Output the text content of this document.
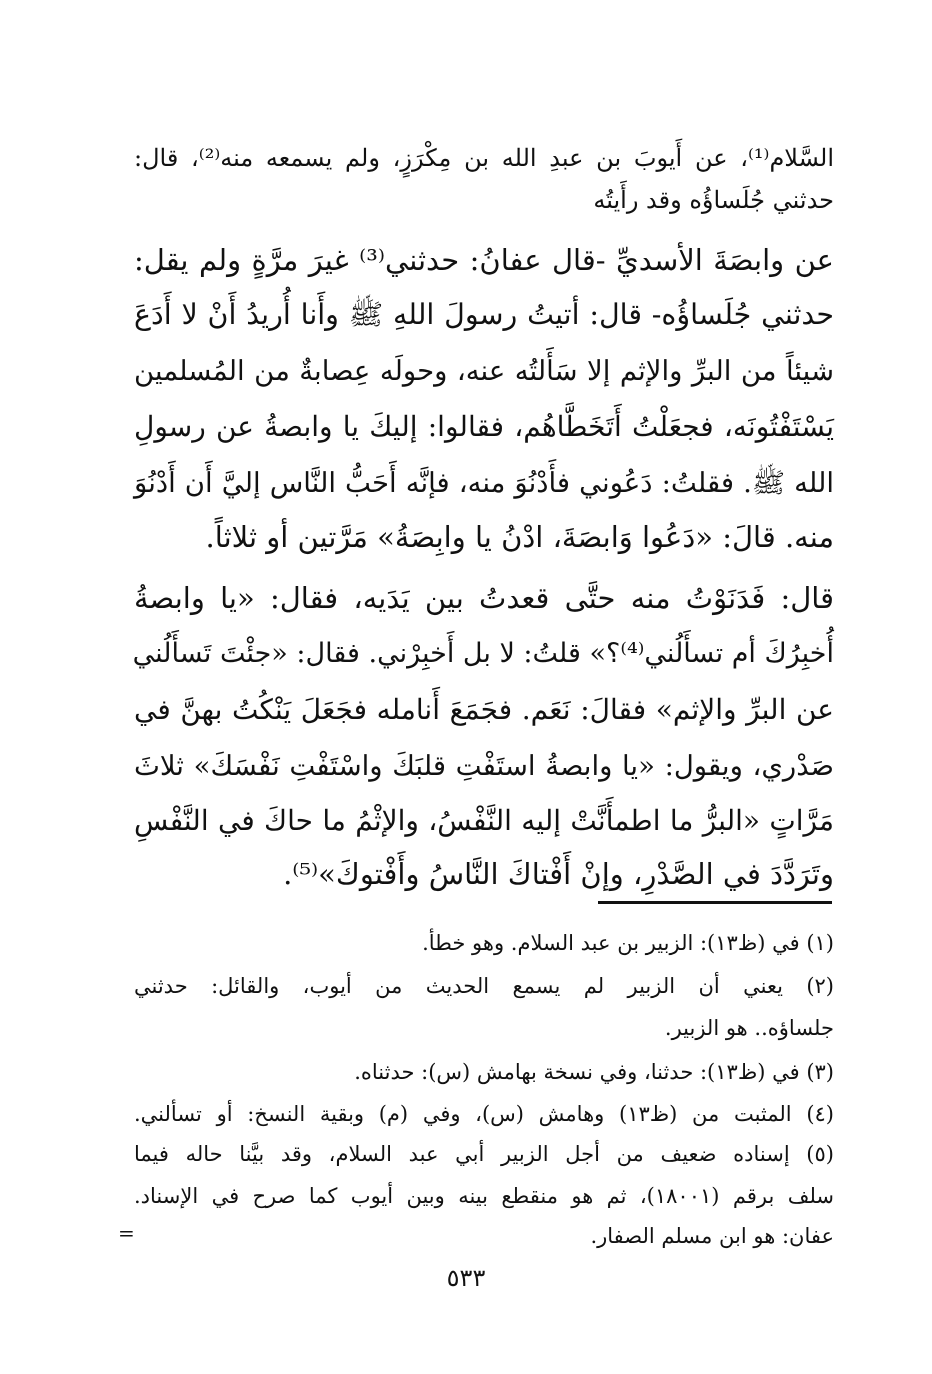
السَّلام⁽¹⁾، عن أَيوبَ بن عبدِ الله بن مِكْرَزٍ، ولم يسمعه منه⁽²⁾، قال:
حدثني جُلَساؤُه وقد رأَيتُه
عن وابصَةَ الأسديِّ -قال عفانُ: حدثني⁽³⁾ غيرَ مرَّةٍ ولم يقل:
حدثني جُلَساؤُه- قال: أتيتُ رسولَ اللهِ ﷺ وأَنا أُريدُ أَنْ لا أَدَعَ
شيئاً من البرِّ والإثم إلا سَأَلتُه عنه، وحولَه عِصابةٌ من المُسلمين
يَسْتَفْتُونَه، فجعَلْتُ أَتَخَطَّاهُم، فقالوا: إليكَ يا وابصةُ عن رسولِ
الله ﷺ. فقلتُ: دَعُوني فأَدْنُوَ منه، فإنَّه أَحَبُّ النَّاس إليَّ أَن أَدْنُوَ
منه. قالَ: «دَعُوا وَابصَةَ، ادْنُ يا وابِصَةُ» مَرَّتين أو ثلاثاً.
قال: فَدَنَوْتُ منه حتَّى قعدتُ بين يَدَيه، فقال: «يا وابصةُ
أُخبِرُكَ أم تسأَلُني⁽⁴⁾؟» قلتُ: لا بل أَخبِرْني. فقال: «جئْتَ تَسأَلُني
عن البرِّ والإثم» فقالَ: نَعَم. فجَمَعَ أَنامله فجَعَلَ يَنْكُتُ بهنَّ في
صَدْري، ويقول: «يا وابصةُ استَفْتِ قلبَكَ واسْتَفْتِ نَفْسَكَ» ثلاثَ
مَرَّاتٍ «البرُّ ما اطمأَنَّتْ إليه النَّفْسُ، والإثْمُ ما حاكَ في النَّفْسِ
وتَرَدَّدَ في الصَّدْرِ، وإنْ أَفْتاكَ النَّاسُ وأَفْتوكَ»⁽⁵⁾.
(١) في (ظ١٣): الزبير بن عبد السلام. وهو خطأ.
(٢) يعني أن الزبير لم يسمع الحديث من أيوب، والقائل: حدثني
جلساؤه.. هو الزبير.
(٣) في (ظ١٣): حدثنا، وفي نسخة بهامش (س): حدثناه.
(٤) المثبت من (ظ١٣) وهامش (س)، وفي (م) وبقية النسخ: أو تسألني.
(٥) إسناده ضعيف من أجل الزبير أبي عبد السلام، وقد بيَّنا حاله فيما
سلف برقم (١٨٠٠١)، ثم هو منقطع بينه وبين أيوب كما صرح في الإسناد.
عفان: هو ابن مسلم الصفار.
=
٥٣٣
